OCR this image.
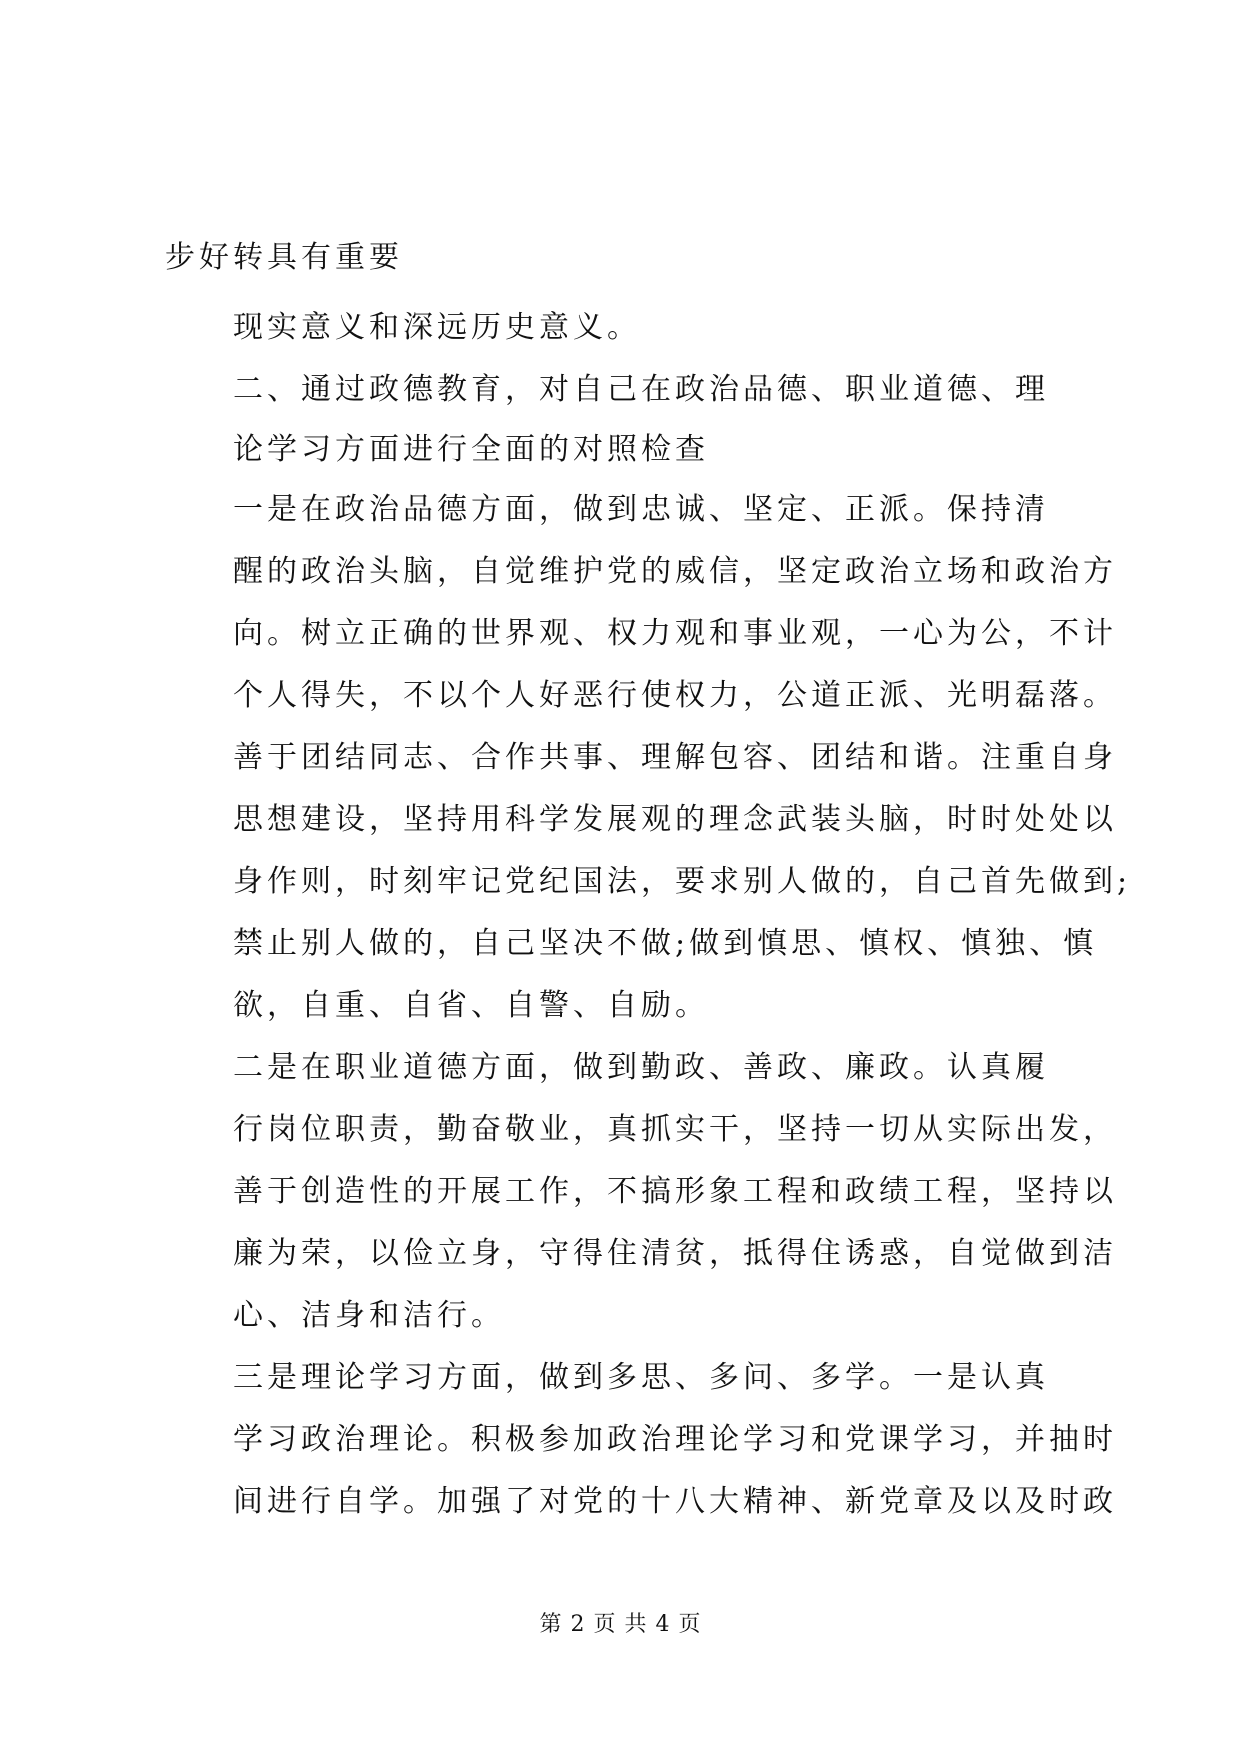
步好转具有重要
现实意义和深远历史意义。
二、通过政德教育，对自己在政治品德、职业道德、理
论学习方面进行全面的对照检查
一是在政治品德方面，做到忠诚、坚定、正派。保持清
醒的政治头脑，自觉维护党的威信，坚定政治立场和政治方
向。树立正确的世界观、权力观和事业观，一心为公，不计
个人得失，不以个人好恶行使权力，公道正派、光明磊落。
善于团结同志、合作共事、理解包容、团结和谐。注重自身
思想建设，坚持用科学发展观的理念武装头脑，时时处处以
身作则，时刻牢记党纪国法，要求别人做的，自己首先做到;
禁止别人做的，自己坚决不做;做到慎思、慎权、慎独、慎
欲，自重、自省、自警、自励。
二是在职业道德方面，做到勤政、善政、廉政。认真履
行岗位职责，勤奋敬业，真抓实干，坚持一切从实际出发，
善于创造性的开展工作，不搞形象工程和政绩工程，坚持以
廉为荣，以俭立身，守得住清贫，抵得住诱惑，自觉做到洁
心、洁身和洁行。
三是理论学习方面，做到多思、多问、多学。一是认真
学习政治理论。积极参加政治理论学习和党课学习，并抽时
间进行自学。加强了对党的十八大精神、新党章及以及时政
第 2 页 共 4 页
